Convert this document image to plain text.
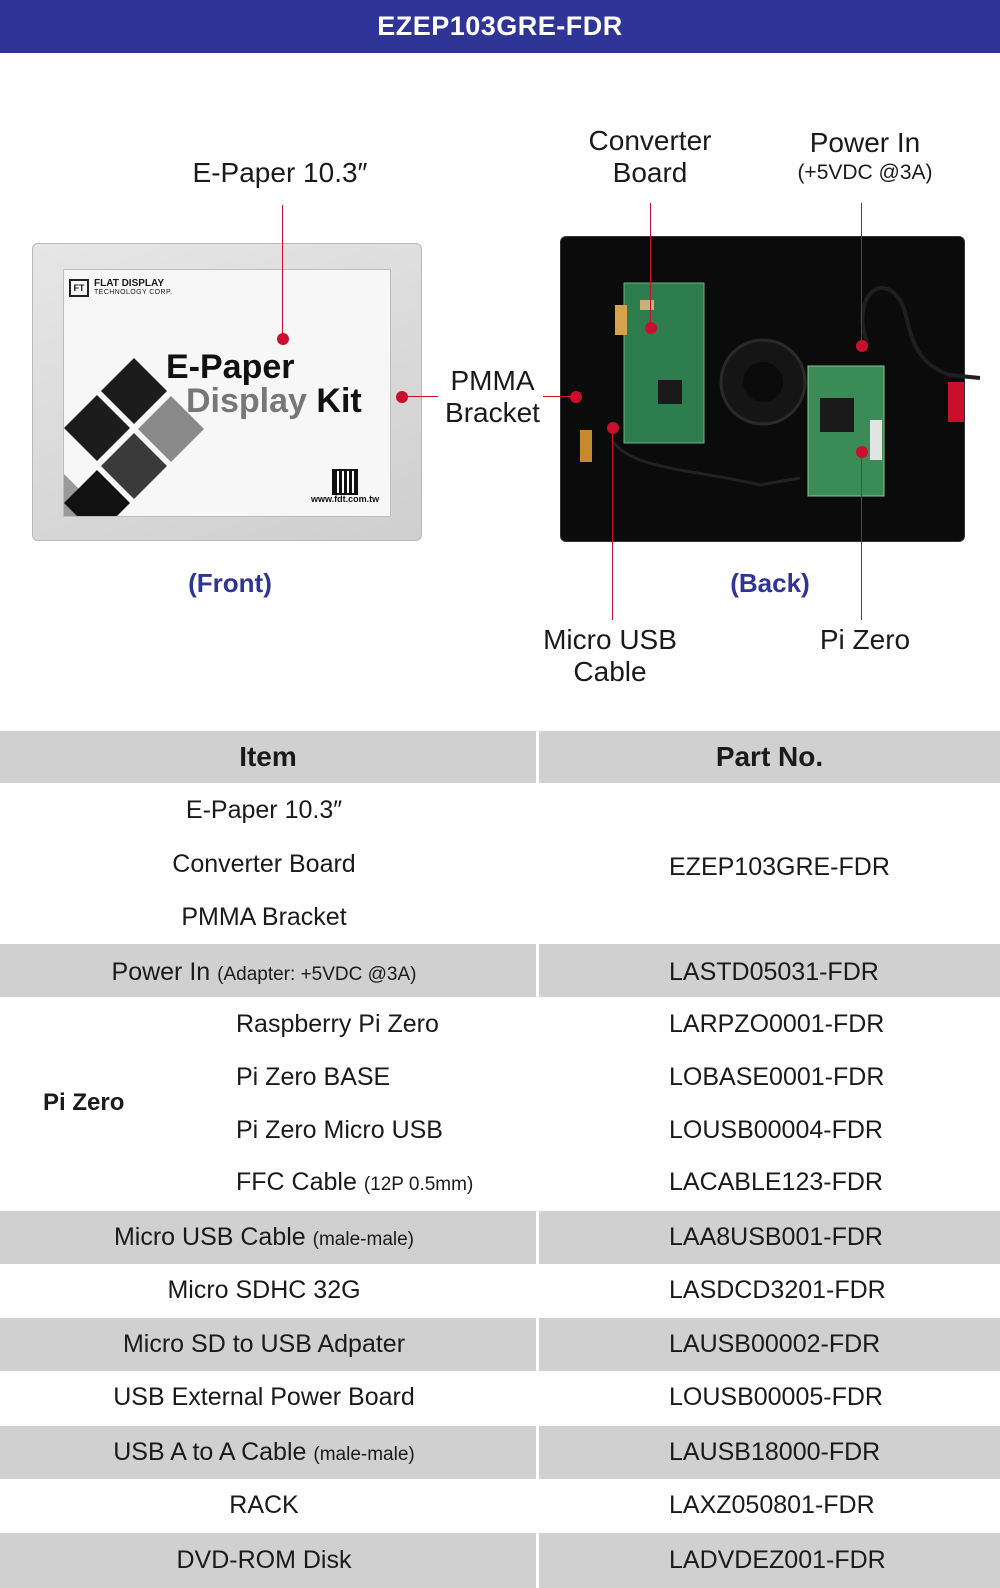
EZEP103GRE-FDR
E-Paper 10.3″
Converter
Board
Power In
(+5VDC @3A)
PMMA
Bracket
Micro USB
Cable
Pi Zero
FT FLAT DISPLAY
TECHNOLOGY CORP.
E-Paper
Display Kit
www.fdt.com.tw
(Front)	(Back)
Item	Part No.
E-Paper 10.3″
Converter Board
PMMA Bracket
EZEP103GRE-FDR
Power In (Adapter: +5VDC @3A)	LASTD05031-FDR
Pi Zero
Raspberry Pi Zero	LARPZO0001-FDR
Pi Zero BASE	LOBASE0001-FDR
Pi Zero Micro USB	LOUSB00004-FDR
FFC Cable (12P 0.5mm)	LACABLE123-FDR
Micro USB Cable (male-male)	LAA8USB001-FDR
Micro SDHC 32G	LASDCD3201-FDR
Micro SD to USB Adpater	LAUSB00002-FDR
USB External Power Board	LOUSB00005-FDR
USB A to A Cable (male-male)	LAUSB18000-FDR
RACK	LAXZ050801-FDR
DVD-ROM Disk	LADVDEZ001-FDR
